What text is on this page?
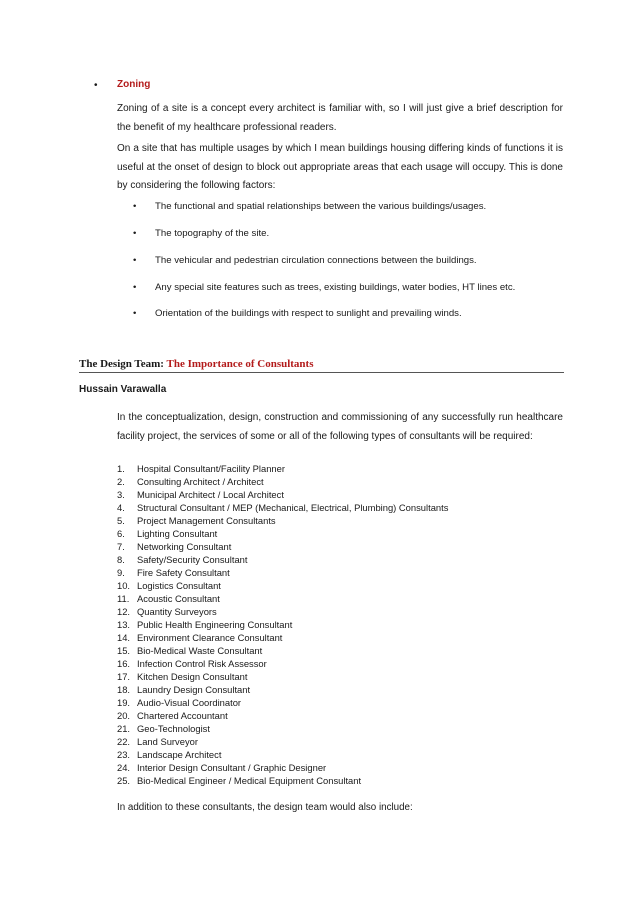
• Zoning
Zoning of a site is a concept every architect is familiar with, so I will just give a brief description for the benefit of my healthcare professional readers.
On a site that has multiple usages by which I mean buildings housing differing kinds of functions it is useful at the onset of design to block out appropriate areas that each usage will occupy. This is done by considering the following factors:
• The functional and spatial relationships between the various buildings/usages.
• The topography of the site.
• The vehicular and pedestrian circulation connections between the buildings.
• Any special site features such as trees, existing buildings, water bodies, HT lines etc.
• Orientation of the buildings with respect to sunlight and prevailing winds.
The Design Team: The Importance of Consultants
Hussain Varawalla
In the conceptualization, design, construction and commissioning of any successfully run healthcare facility project, the services of some or all of the following types of consultants will be required:
1.	Hospital Consultant/Facility Planner
2.	Consulting Architect / Architect
3.	Municipal Architect / Local Architect
4.	Structural Consultant / MEP (Mechanical, Electrical, Plumbing) Consultants
5.	Project Management Consultants
6.	Lighting Consultant
7.	Networking Consultant
8.	Safety/Security Consultant
9.	Fire Safety Consultant
10. Logistics Consultant
11. Acoustic Consultant
12. Quantity Surveyors
13. Public Health Engineering Consultant
14. Environment Clearance Consultant
15. Bio-Medical Waste Consultant
16. Infection Control Risk Assessor
17. Kitchen Design Consultant
18. Laundry Design Consultant
19. Audio-Visual Coordinator
20. Chartered Accountant
21. Geo-Technologist
22. Land Surveyor
23. Landscape Architect
24. Interior Design Consultant / Graphic Designer
25. Bio-Medical Engineer / Medical Equipment Consultant
In addition to these consultants, the design team would also include:
